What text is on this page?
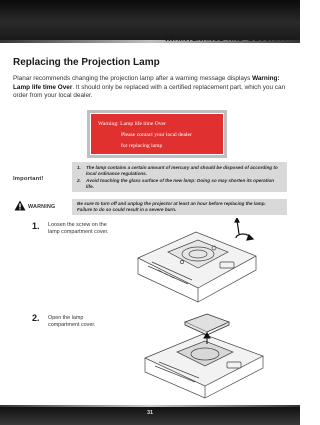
Maintenance and Security
Replacing the Projection Lamp
Planar recommends changing the projection lamp after a warning message displays Warning: Lamp life time Over. It should only be replaced with a certified replacement part, which you can order from your local dealer.
Warning: Lamp life time Over
Please contact your local dealer
for replacing lamp
Important!
1.	The lamp contains a certain amount of mercury and should be disposed of according to local ordinance regulations.
2.	Avoid touching the glass surface of the new lamp: Doing so may shorten its operation life.
WARNING
Be sure to turn off and unplug the projector at least an hour before replacing the lamp. Failure to do so could result in a severe burn.
1. Loosen the screw on the lamp compartment cover.
2. Open the lamp compartment cover.
31
